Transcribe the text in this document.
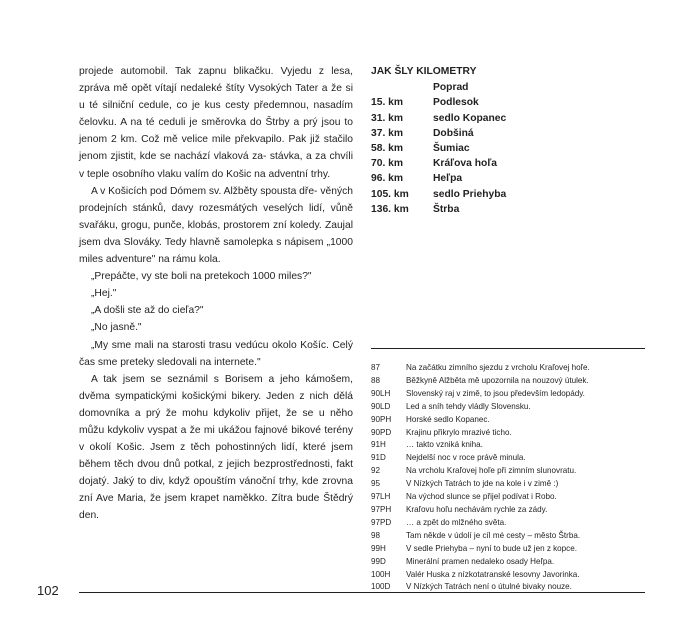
projede automobil. Tak zapnu blikačku. Vyjedu z lesa, zpráva mě opět vítají nedaleké štíty Vysokých Tater a že si u té silniční cedule, co je kus cesty předemnou, nasadím čelovku. A na té ceduli je směrovka do Štrby a prý jsou to jenom 2 km. Což mě velice mile překvapilo. Pak již stačilo jenom zjistit, kde se nachází vlaková za- stávka, a za chvíli v teple osobního vlaku valím do Košic na adventní trhy.

A v Košicích pod Dómem sv. Alžběty spousta dře- věných prodejních stánků, davy rozesmátých veselých lidí, vůně svařáku, grogu, punče, klobás, prostorem zní koledy. Zaujal jsem dva Slováky. Tedy hlavně samolepka s nápisem „1000 miles adventure" na rámu kola.

„Prepáčte, vy ste boli na pretekoch 1000 miles?"

„Hej."

„A došli ste až do cieľa?"

„No jasně."

„My sme mali na starosti trasu vedúcu okolo Košíc. Celý čas sme preteky sledovali na internete."

A tak jsem se seznámil s Borisem a jeho kámošem, dvěma sympatickými košickými bikery. Jeden z nich dělá domovníka a prý že mohu kdykoliv přijet, že se u něho můžu kdykoliv vyspat a že mi ukážou fajnové bikové terény v okolí Košic. Jsem z těch pohostinných lidí, které jsem během těch dvou dnů potkal, z jejich bezprostřednosti, fakt dojatý. Jaký to div, když opouštím vánoční trhy, kde zrovna zní Ave Maria, že jsem krapet naměkko. Zítra bude Štědrý den.

JAK ŠLY KILOMETRY
	Poprad
15. km	Podlesok
31. km	sedlo Kopanec
37. km	Dobšiná
58. km	Šumiac
70. km	Kráľova hoľa
96. km	Heľpa
105. km	sedlo Priehyba
136. km	Štrba
87	Na začátku zimního sjezdu z vrcholu Kraľovej hoľe.
88	Běžkyně Alžběta mě upozornila na nouzový útulek.
90LH	Slovenský raj v zimě, to jsou především ledopády.
90LD	Led a sníh tehdy vládly Slovensku.
90PH	Horské sedlo Kopanec.
90PD	Krajinu přikrylo mrazivé ticho.
91H	… takto vzniká kniha.
91D	Nejdelší noc v roce právě minula.
92	Na vrcholu Kraľovej hoľe při zimním slunovratu.
95	V Nízkých Tatrách to jde na kole i v zimě :)
97LH	Na východ slunce se přijel podívat i Robo.
97PH	Kraľovu hoľu nechávám rychle za zády.
97PD	… a zpět do mlžného světa.
98	Tam někde v údolí je cíl mé cesty – město Štrba.
99H	V sedle Priehyba – nyní to bude už jen z kopce.
99D	Minerální pramen nedaleko osady Heľpa.
100H	Valér Huska z nízkotatranské lesovny Javorinka.
100D	V Nízkých Tatrách není o útulné bivaky nouze.
102
